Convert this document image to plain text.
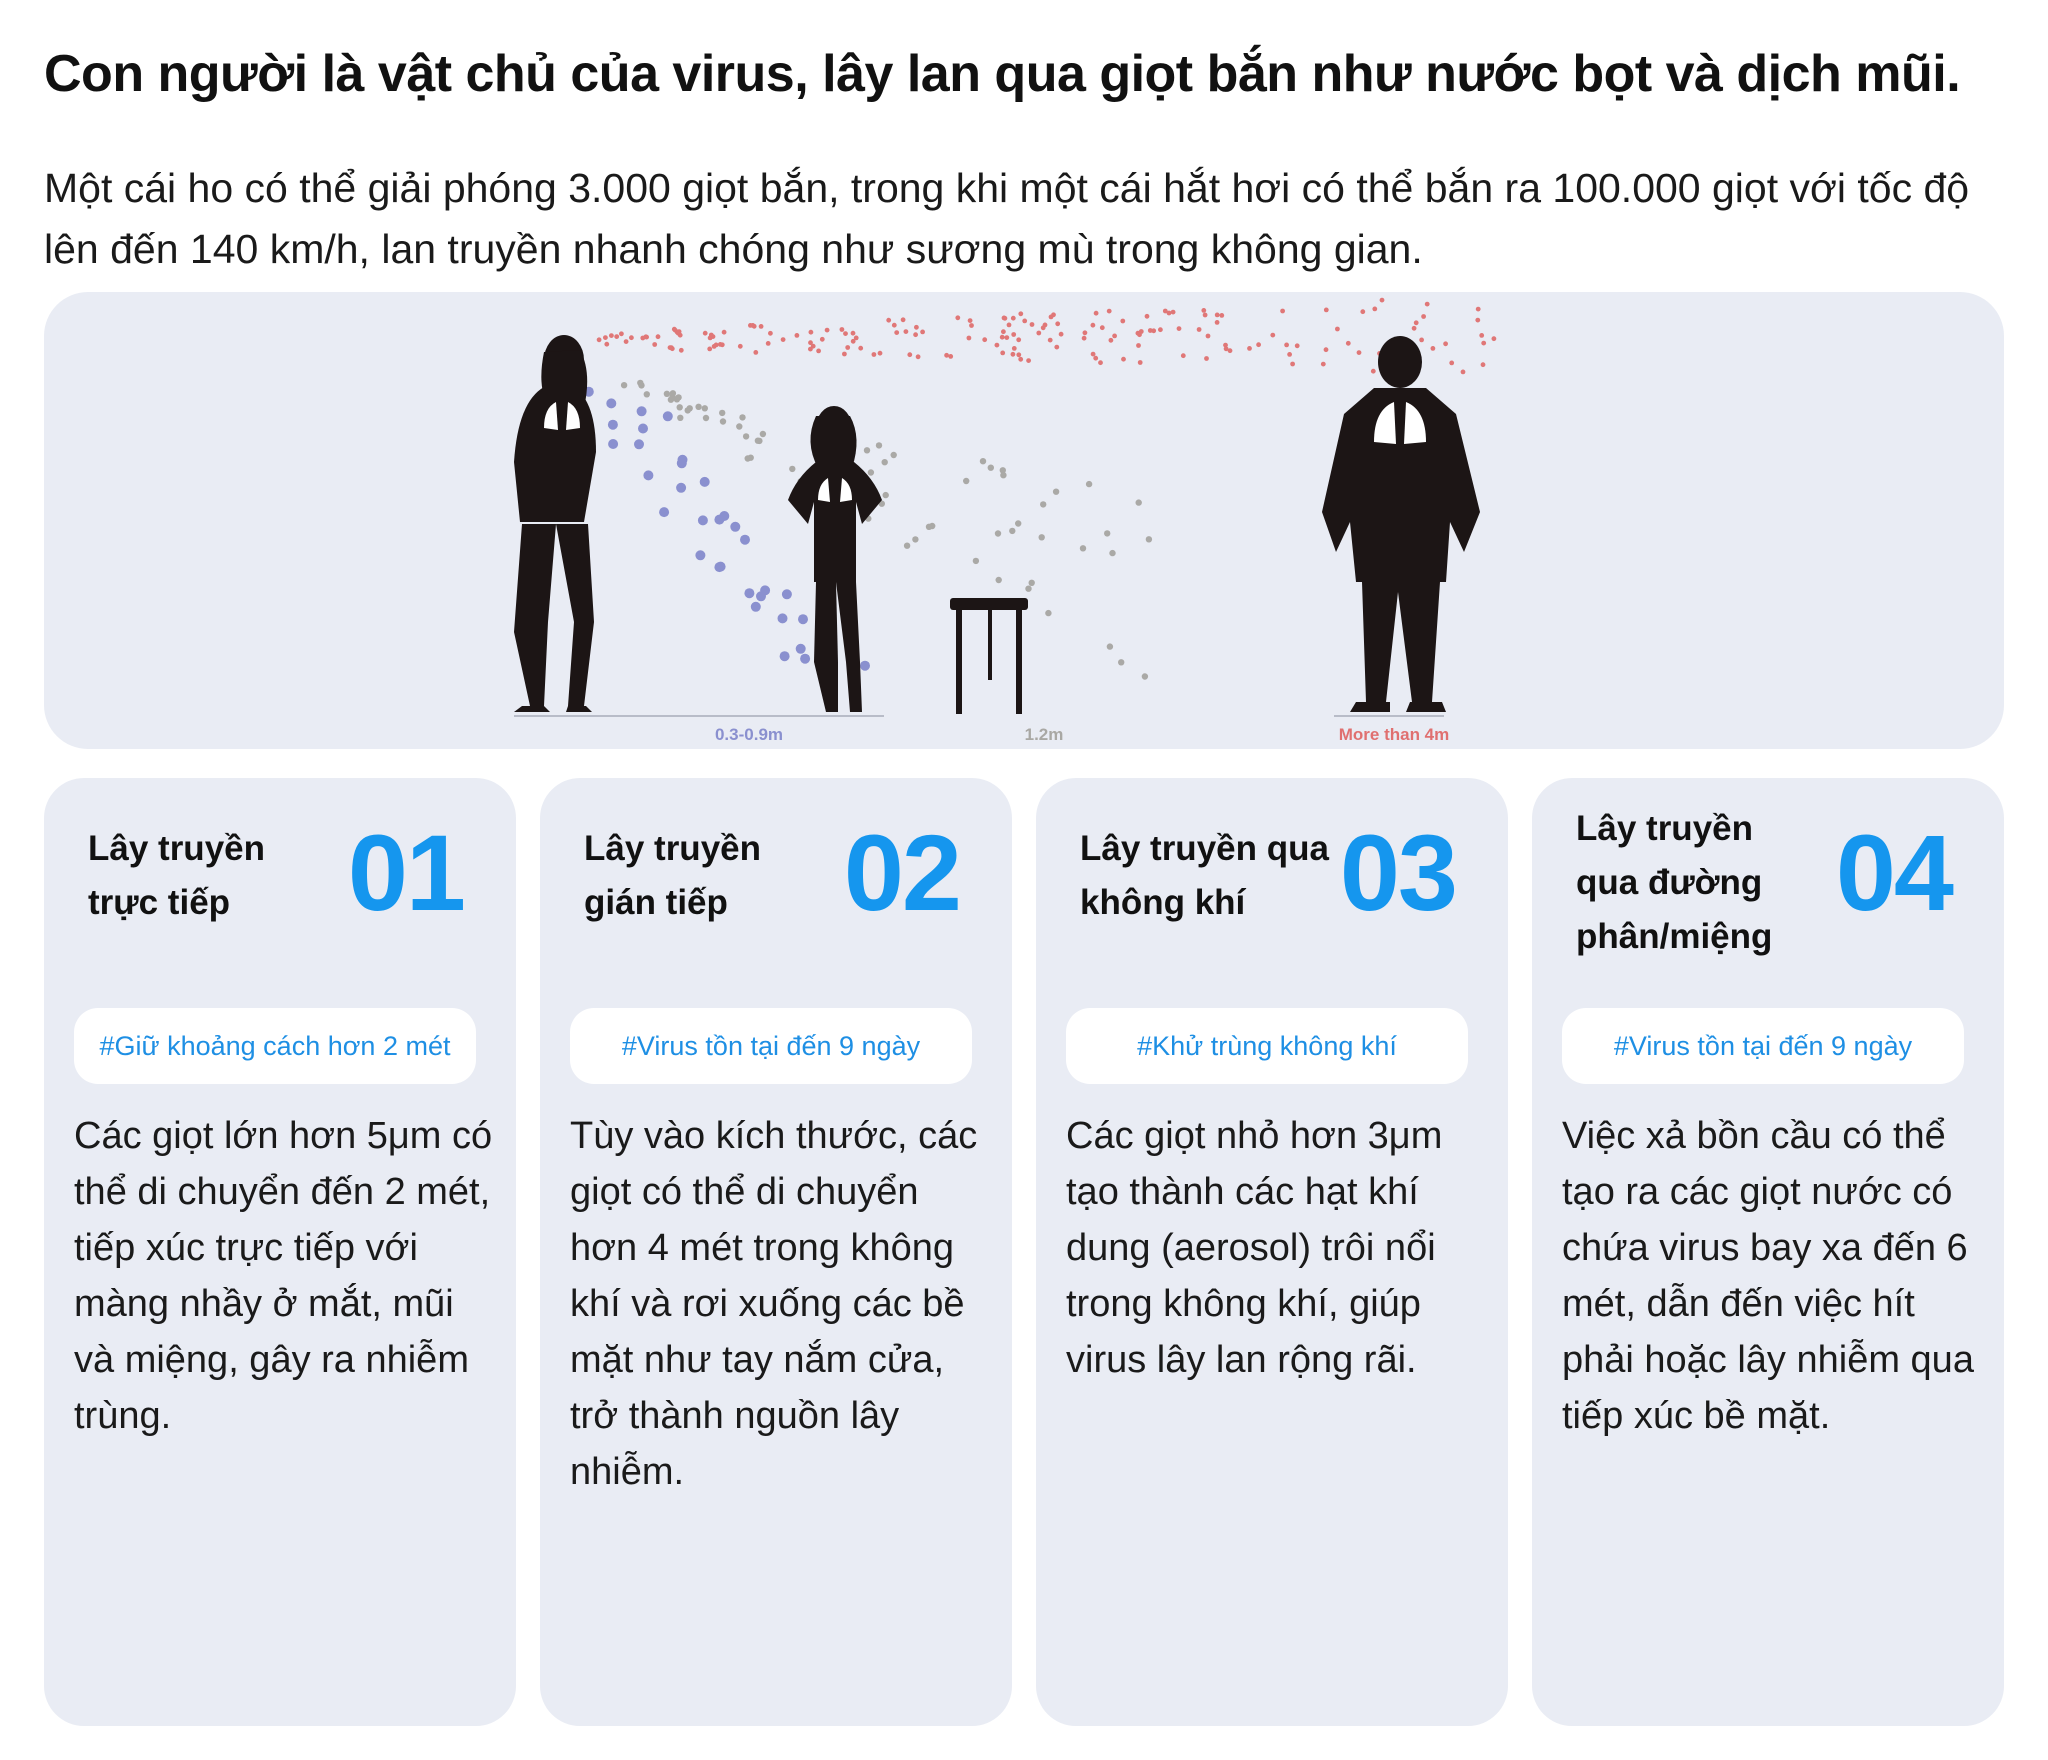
Con người là vật chủ của virus, lây lan qua giọt bắn như nước bọt và dịch mũi.

Một cái ho có thể giải phóng 3.000 giọt bắn, trong khi một cái hắt hơi có thể bắn ra 100.000 giọt với tốc độ lên đến 140 km/h, lan truyền nhanh chóng như sương mù trong không gian.

0.3-0.9m	1.2m	More than 4m
Lây truyền trực tiếp	01
#Giữ khoảng cách hơn 2 mét

Các giọt lớn hơn 5μm có thể di chuyển đến 2 mét, tiếp xúc trực tiếp với màng nhầy ở mắt, mũi và miệng, gây ra nhiễm trùng.

Lây truyền gián tiếp	02
#Virus tồn tại đến 9 ngày

Tùy vào kích thước, các giọt có thể di chuyển hơn 4 mét trong không khí và rơi xuống các bề mặt như tay nắm cửa, trở thành nguồn lây nhiễm.

Lây truyền qua không khí 03
#Khử trùng không khí

Các giọt nhỏ hơn 3μm tạo thành các hạt khí dung (aerosol) trôi nổi trong không khí, giúp virus lây lan rộng rãi.

Lây truyền qua đường phân/miệng
04
#Virus tồn tại đến 9 ngày

Việc xả bồn cầu có thể tạo ra các giọt nước có chứa virus bay xa đến 6 mét, dẫn đến việc hít phải hoặc lây nhiễm qua tiếp xúc bề mặt.
